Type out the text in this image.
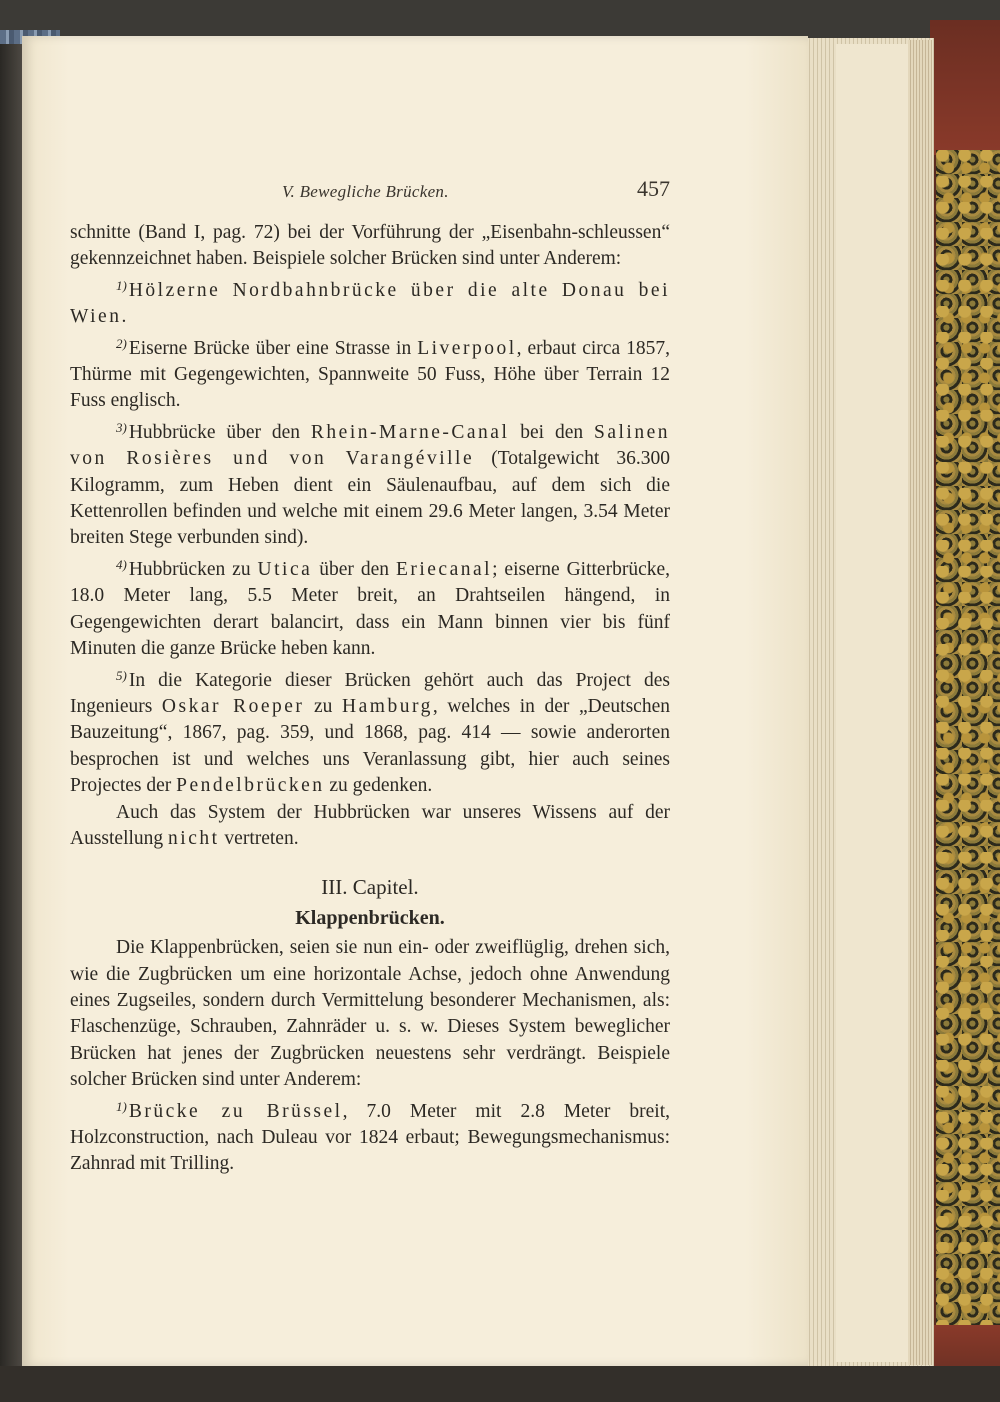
V. Bewegliche Brücken.	457

schnitte (Band I, pag. 72) bei der Vorführung der „Eisenbahn-schleussen“ gekennzeichnet haben. Beispiele solcher Brücken sind unter Anderem:

$^{1)}$ Hölzerne Nordbahnbrücke über die alte Donau bei Wien.

$^{2)}$ Eiserne Brücke über eine Strasse in Liverpool, erbaut circa 1857, Thürme mit Gegengewichten, Spannweite 50 Fuss, Höhe über Terrain 12 Fuss englisch.

$^{3)}$ Hubbrücke über den Rhein-Marne-Canal bei den Salinen von Rosières und von Varangéville (Totalgewicht 36.300 Kilogramm, zum Heben dient ein Säulenaufbau, auf dem sich die Kettenrollen befinden und welche mit einem 29.6 Meter langen, 3.54 Meter breiten Stege verbunden sind).

$^{4)}$ Hubbrücken zu Utica über den Eriecanal; eiserne Gitterbrücke, 18.0 Meter lang, 5.5 Meter breit, an Drahtseilen hängend, in Gegengewichten derart balancirt, dass ein Mann binnen vier bis fünf Minuten die ganze Brücke heben kann.

$^{5)}$ In die Kategorie dieser Brücken gehört auch das Project des Ingenieurs Oskar Roeper zu Hamburg, welches in der „Deutschen Bauzeitung“, 1867, pag. 359, und 1868, pag. 414 — sowie anderorten besprochen ist und welches uns Veranlassung gibt, hier auch seines Projectes der Pendelbrücken zu gedenken.

Auch das System der Hubbrücken war unseres Wissens auf der Ausstellung nicht vertreten.

III. Capitel.
Klappenbrücken.

Die Klappenbrücken, seien sie nun ein- oder zweiflüglig, drehen sich, wie die Zugbrücken um eine horizontale Achse, jedoch ohne Anwendung eines Zugseiles, sondern durch Vermittelung besonderer Mechanismen, als: Flaschenzüge, Schrauben, Zahnräder u. s. w. Dieses System beweglicher Brücken hat jenes der Zugbrücken neuestens sehr verdrängt. Beispiele solcher Brücken sind unter Anderem:

$^{1)}$ Brücke zu Brüssel, 7.0 Meter mit 2.8 Meter breit, Holzconstruction, nach Duleau vor 1824 erbaut; Bewegungsmechanismus: Zahnrad mit Trilling.
